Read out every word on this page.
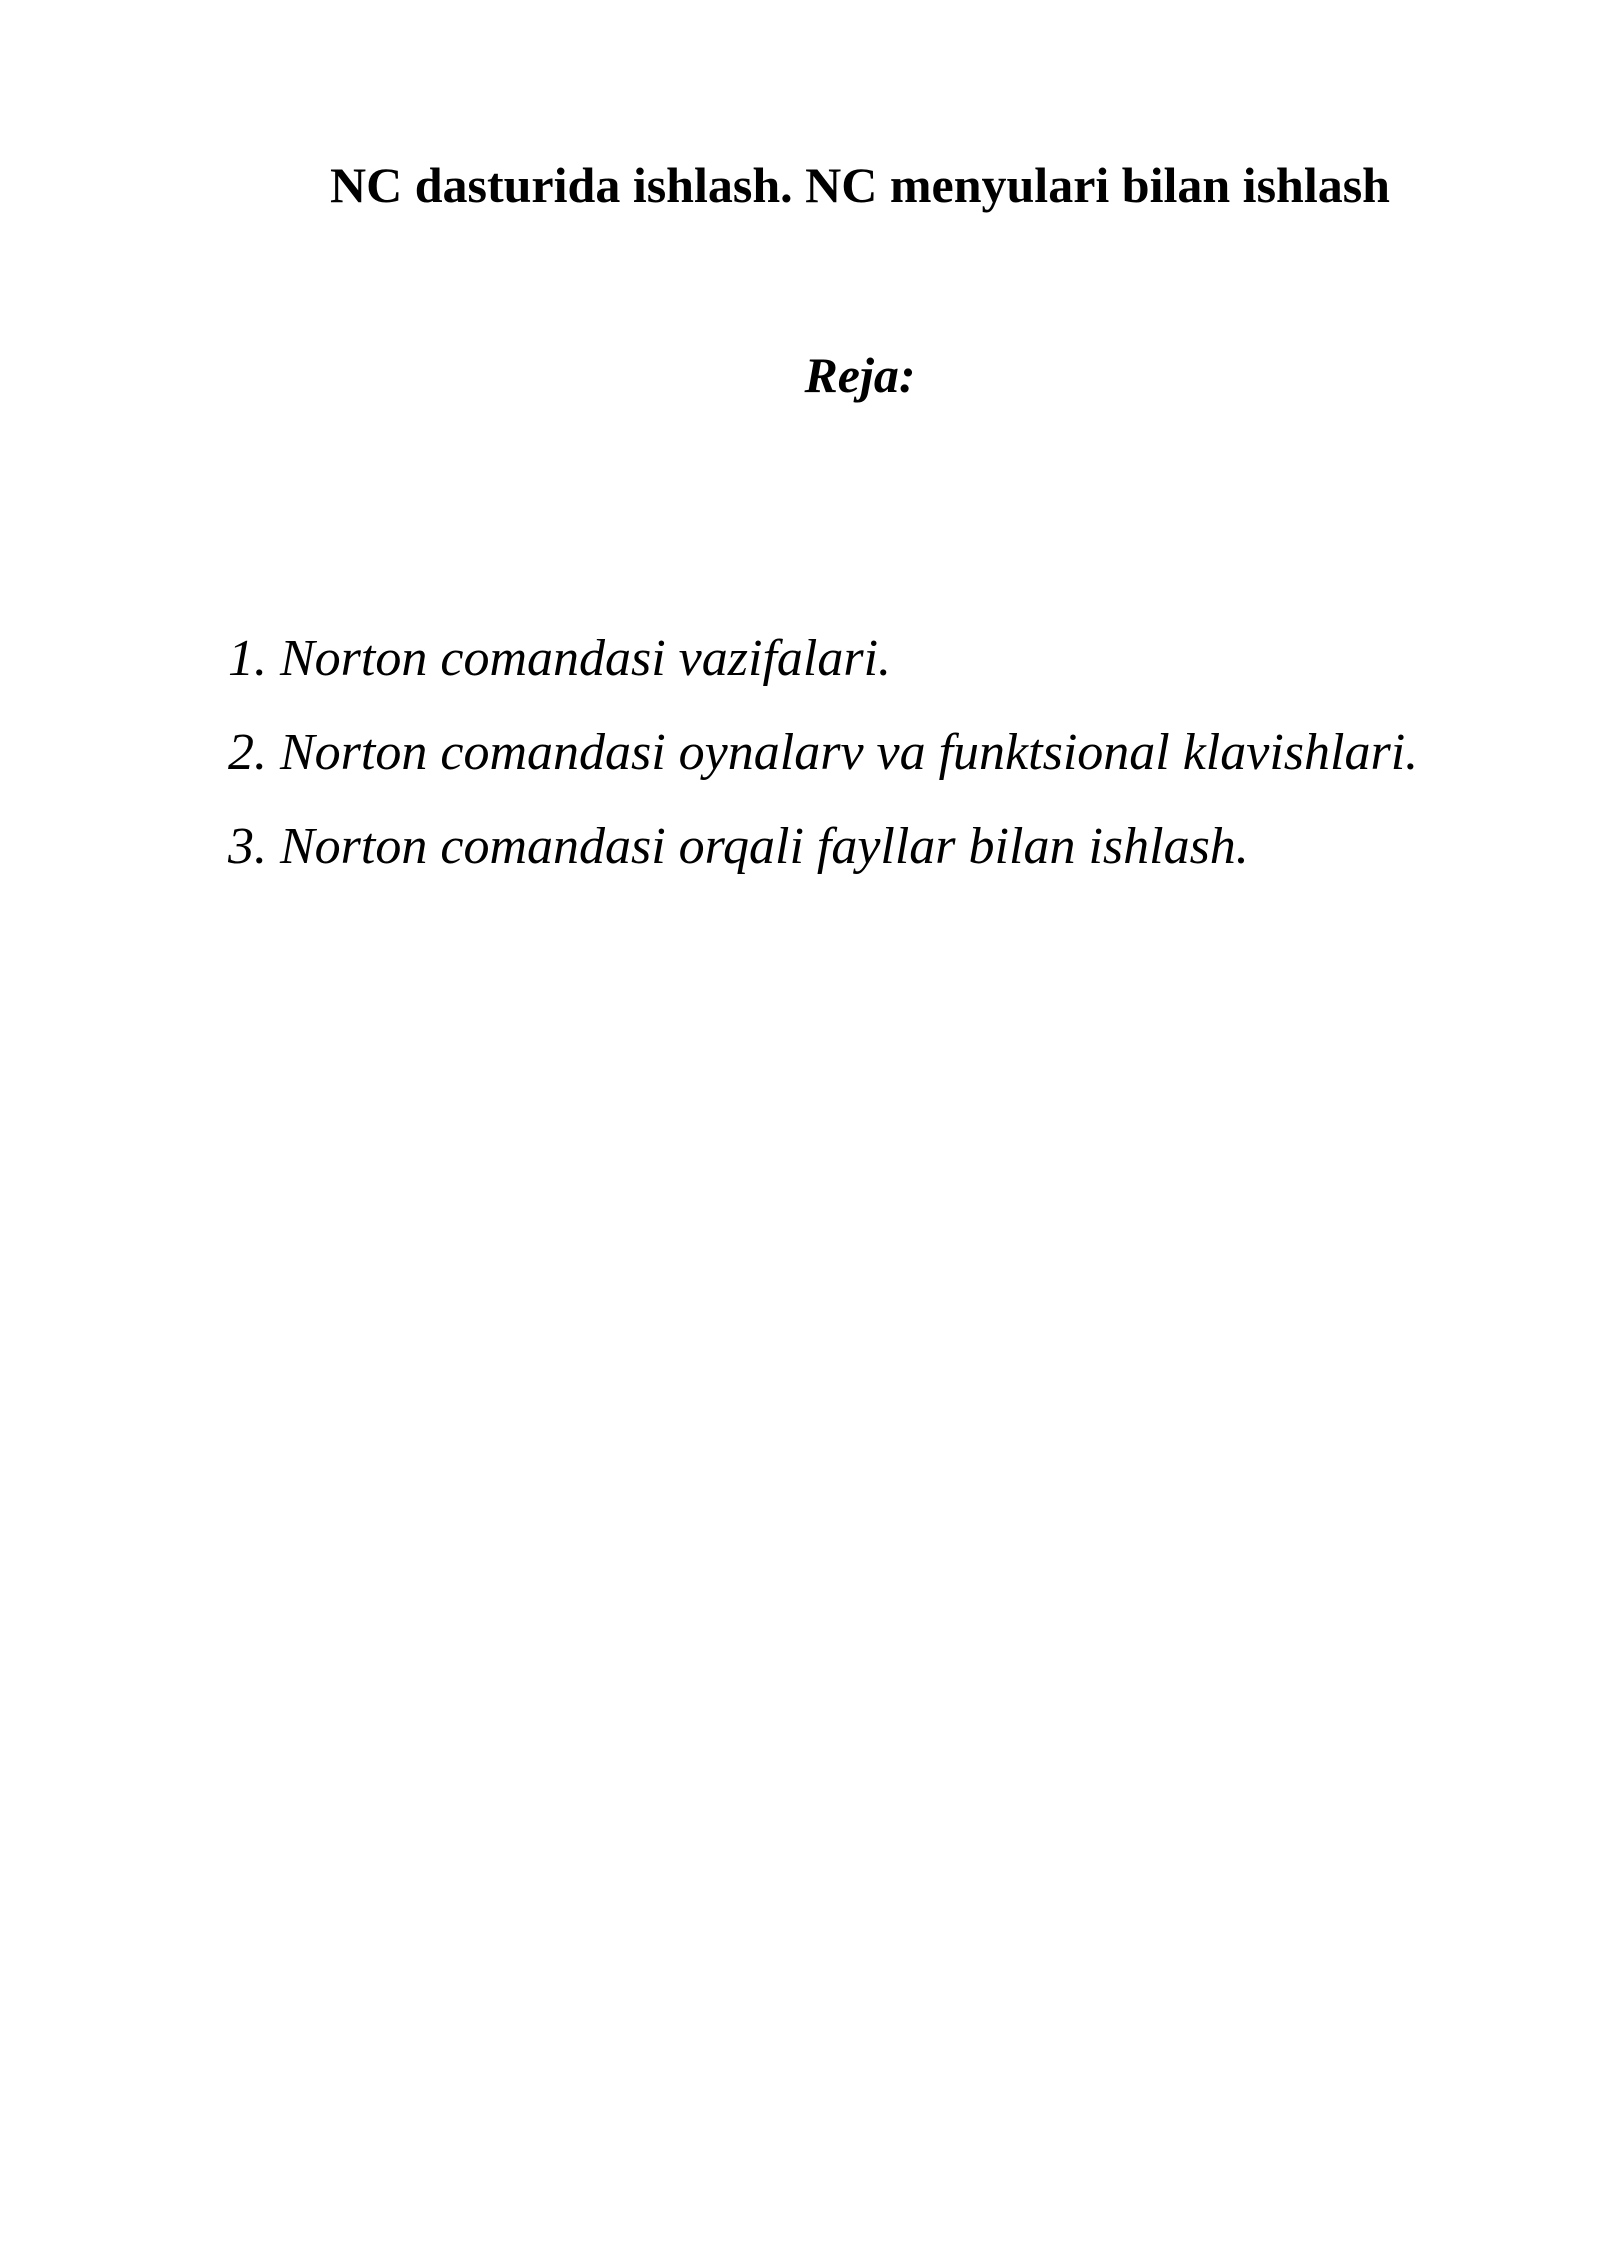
NC dasturida ishlash. NC menyulari bilan ishlash
Reja:
1. Norton comandasi vazifalari.
2. Norton comandasi oynalarv va funktsional klavishlari.
3. Norton comandasi orqali fayllar bilan ishlash.
